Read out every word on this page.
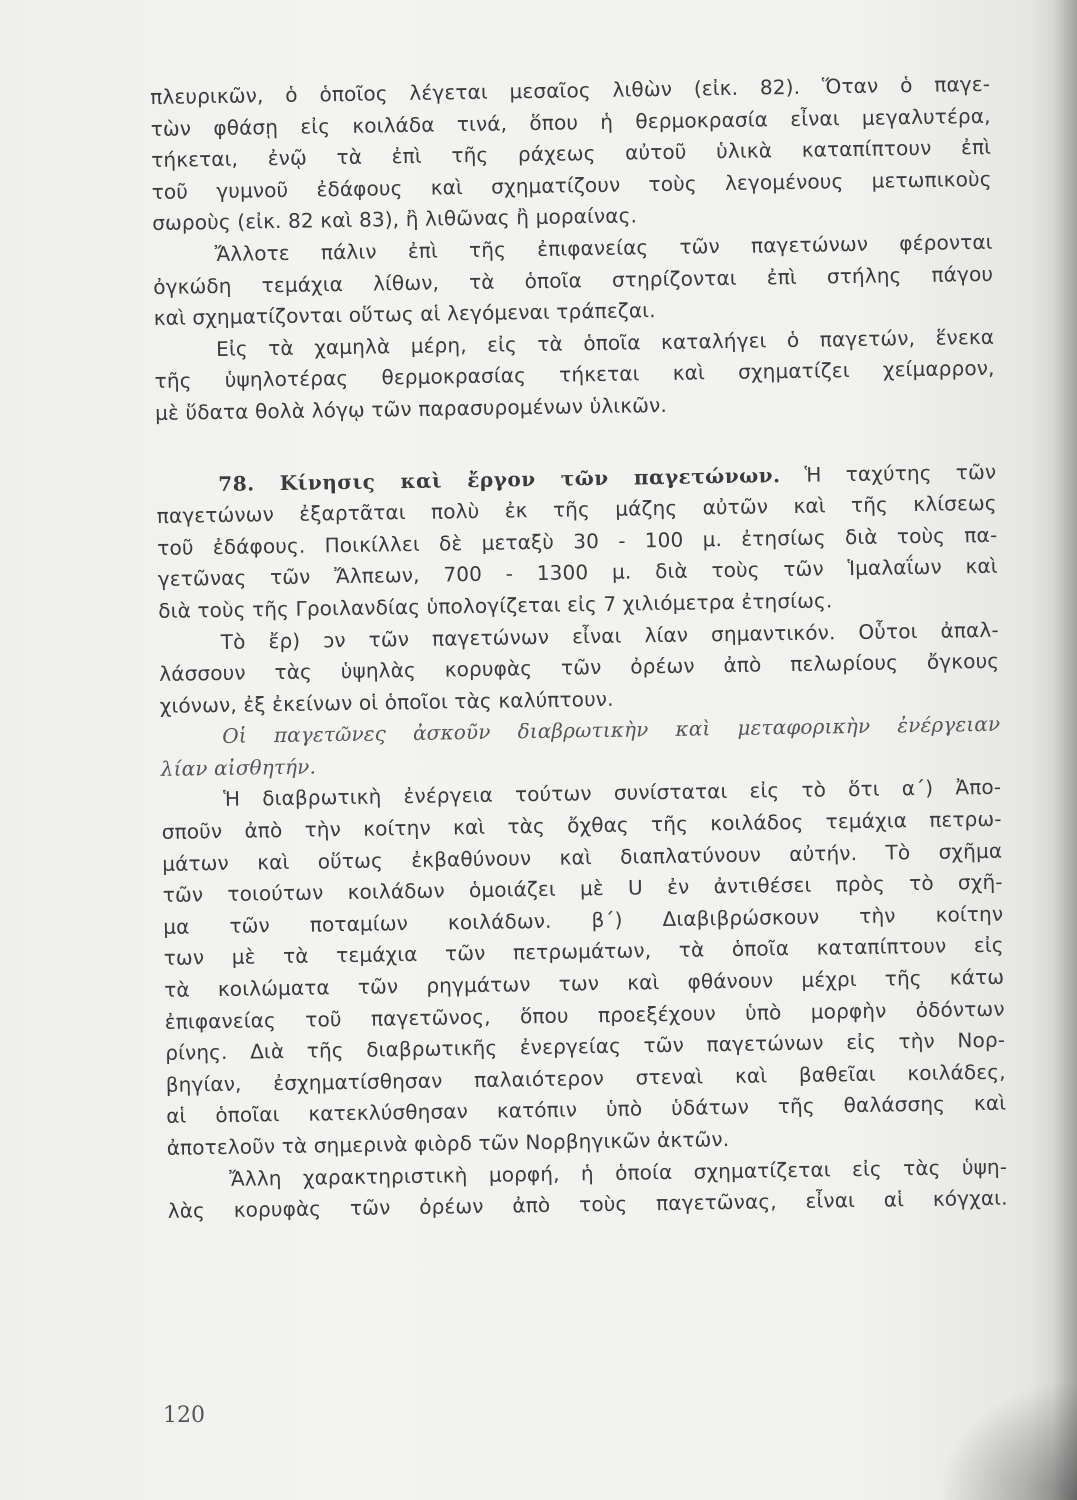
πλευρικῶν, ὁ ὁποῖος λέγεται μεσαῖος λιθὼν (εἰκ. 82). Ὅταν ὁ παγε-
τὼν φθάσῃ εἰς κοιλάδα τινά, ὅπου ἡ θερμοκρασία εἶναι μεγαλυτέρα,
τήκεται, ἐνῷ τὰ ἐπὶ τῆς ράχεως αὐτοῦ ὑλικὰ καταπίπτουν ἐπὶ
τοῦ γυμνοῦ ἐδάφους καὶ σχηματίζουν τοὺς λεγομένους μετωπικοὺς
σωροὺς (εἰκ. 82 καὶ 83), ἢ λιθῶνας ἢ μοραίνας.
Ἄλλοτε πάλιν ἐπὶ τῆς ἐπιφανείας τῶν παγετώνων φέρονται
ὀγκώδη τεμάχια λίθων, τὰ ὁποῖα στηρίζονται ἐπὶ στήλης πάγου
καὶ σχηματίζονται οὕτως αἱ λεγόμεναι τράπεζαι.
Εἰς τὰ χαμηλὰ μέρη, εἰς τὰ ὁποῖα καταλήγει ὁ παγετών, ἕνεκα
τῆς ὑψηλοτέρας θερμοκρασίας τήκεται καὶ σχηματίζει χείμαρρον,
μὲ ὕδατα θολὰ λόγῳ τῶν παρασυρομένων ὑλικῶν.
78. Κίνησις καὶ ἔργον τῶν παγετώνων. Ἡ ταχύτης τῶν
παγετώνων ἐξαρτᾶται πολὺ ἐκ τῆς μάζης αὐτῶν καὶ τῆς κλίσεως
τοῦ ἐδάφους. Ποικίλλει δὲ μεταξὺ 30 - 100 μ. ἐτησίως διὰ τοὺς πα-
γετῶνας τῶν Ἄλπεων, 700 - 1300 μ. διὰ τοὺς τῶν Ἱμαλαΐων καὶ
διὰ τοὺς τῆς Γροιλανδίας ὑπολογίζεται εἰς 7 χιλιόμετρα ἐτησίως.
Τὸ ἔρ) ɔν τῶν παγετώνων εἶναι λίαν σημαντικόν. Οὗτοι ἀπαλ-
λάσσουν τὰς ὑψηλὰς κορυφὰς τῶν ὀρέων ἀπὸ πελωρίους ὄγκους
χιόνων, ἐξ ἐκείνων οἱ ὁποῖοι τὰς καλύπτουν.
Οἱ παγετῶνες ἀσκοῦν διαβρωτικὴν καὶ μεταφορικὴν ἐνέργειαν
λίαν αἰσθητήν.
Ἡ διαβρωτικὴ ἐνέργεια τούτων συνίσταται εἰς τὸ ὅτι α΄) Ἀπο-
σποῦν ἀπὸ τὴν κοίτην καὶ τὰς ὄχθας τῆς κοιλάδος τεμάχια πετρω-
μάτων καὶ οὕτως ἐκβαθύνουν καὶ διαπλατύνουν αὐτήν. Τὸ σχῆμα
τῶν τοιούτων κοιλάδων ὁμοιάζει μὲ U ἐν ἀντιθέσει πρὸς τὸ σχῆ-
μα τῶν ποταμίων κοιλάδων. β΄) Διαβιβρώσκουν τὴν κοίτην
των μὲ τὰ τεμάχια τῶν πετρωμάτων, τὰ ὁποῖα καταπίπτουν εἰς
τὰ κοιλώματα τῶν ρηγμάτων των καὶ φθάνουν μέχρι τῆς κάτω
ἐπιφανείας τοῦ παγετῶνος, ὅπου προεξέχουν ὑπὸ μορφὴν ὀδόντων
ρίνης. Διὰ τῆς διαβρωτικῆς ἐνεργείας τῶν παγετώνων εἰς τὴν Νορ-
βηγίαν, ἐσχηματίσθησαν παλαιότερον στεναὶ καὶ βαθεῖαι κοιλάδες,
αἱ ὁποῖαι κατεκλύσθησαν κατόπιν ὑπὸ ὑδάτων τῆς θαλάσσης καὶ
ἀποτελοῦν τὰ σημερινὰ φιὸρδ τῶν Νορβηγικῶν ἀκτῶν.
Ἄλλη χαρακτηριστικὴ μορφή, ἡ ὁποία σχηματίζεται εἰς τὰς ὑψη-
λὰς κορυφὰς τῶν ὀρέων ἀπὸ τοὺς παγετῶνας, εἶναι αἱ κόγχαι.
120
